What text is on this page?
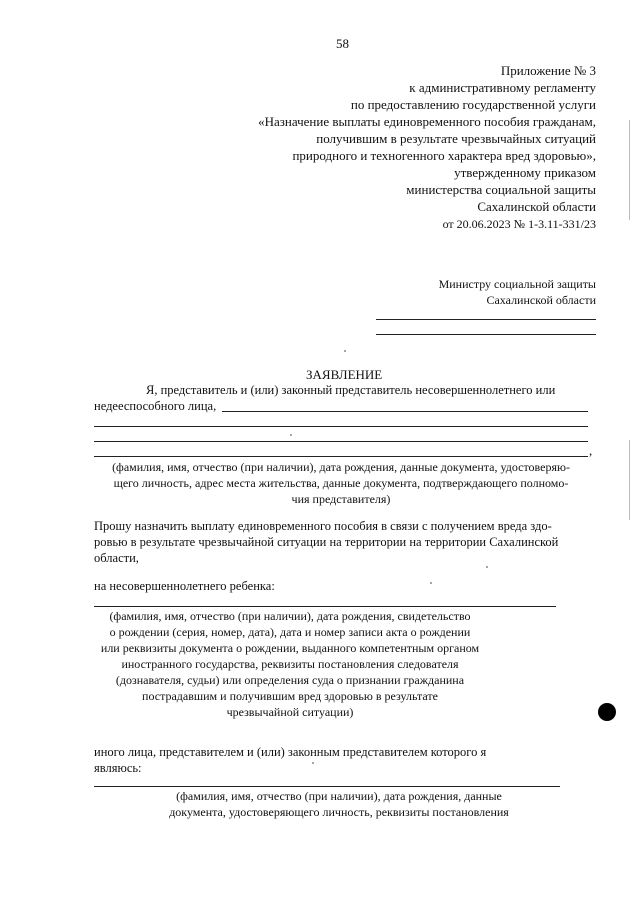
58
Приложение № 3
к административному регламенту
по предоставлению государственной услуги
«Назначение выплаты единовременного пособия гражданам,
получившим в результате чрезвычайных ситуаций
природного и техногенного характера вред здоровью»,
утвержденному приказом
министерства социальной защиты
Сахалинской области
от 20.06.2023 № 1-3.11-331/23
Министру социальной защиты
Сахалинской области
ЗАЯВЛЕНИЕ
Я, представитель и (или) законный представитель несовершеннолетнего или
недееспособного лица,
,
(фамилия, имя, отчество (при наличии), дата рождения, данные документа, удостоверяю-
щего личность, адрес места жительства, данные документа, подтверждающего полномо-
чия представителя)
Прошу назначить выплату единовременного пособия в связи с получением вреда здо-
ровью в результате чрезвычайной ситуации на территории на территории Сахалинской
области,
на несовершеннолетнего ребенка:
(фамилия, имя, отчество (при наличии), дата рождения, свидетельство
о рождении (серия, номер, дата), дата и номер записи акта о рождении
или реквизиты документа о рождении, выданного компетентным органом
иностранного государства, реквизиты постановления следователя
(дознавателя, судьи) или определения суда о признании гражданина
пострадавшим и получившим вред здоровью в результате
чрезвычайной ситуации)
иного лица, представителем и (или) законным представителем которого я
являюсь:
(фамилия, имя, отчество (при наличии), дата рождения, данные
документа, удостоверяющего личность, реквизиты постановления
